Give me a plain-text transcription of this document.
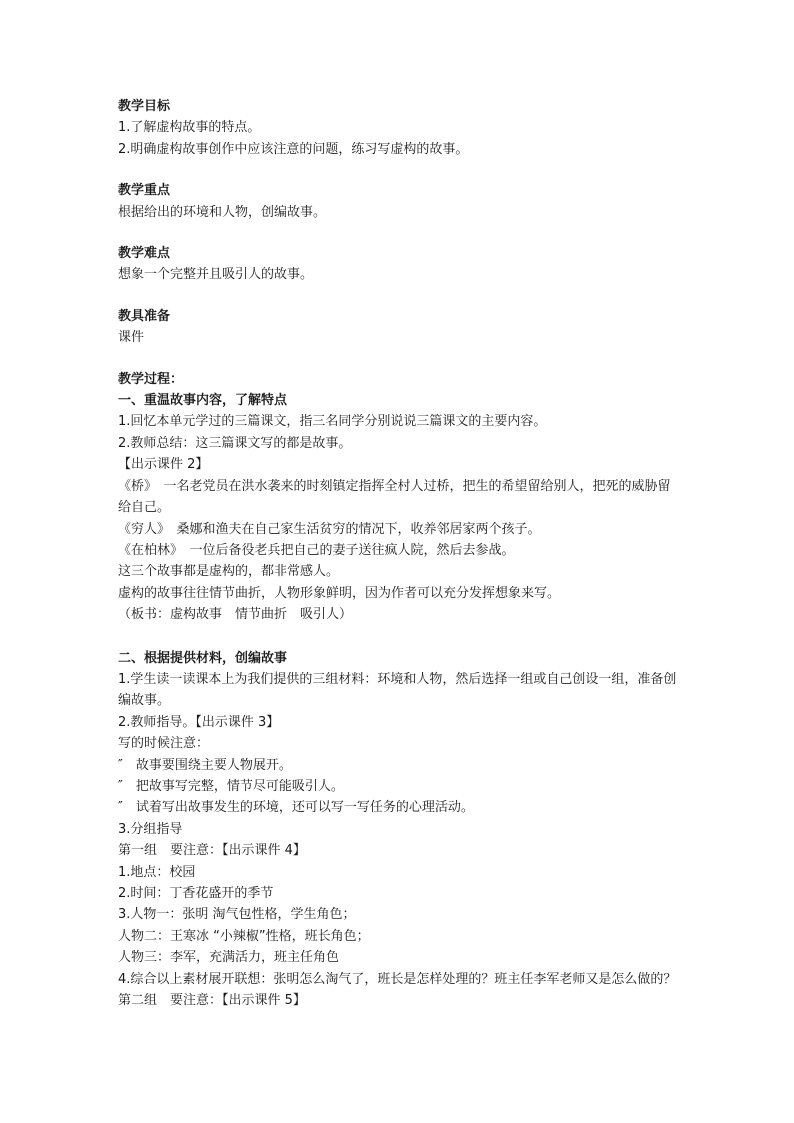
教学目标
1.了解虚构故事的特点。
2.明确虚构故事创作中应该注意的问题，练习写虚构的故事。
教学重点
根据给出的环境和人物，创编故事。
教学难点
想象一个完整并且吸引人的故事。
教具准备
课件
教学过程：
一、重温故事内容，了解特点
1.回忆本单元学过的三篇课文，指三名同学分别说说三篇课文的主要内容。
2.教师总结：这三篇课文写的都是故事。
【出示课件 2】
《桥》　一名老党员在洪水袭来的时刻镇定指挥全村人过桥，把生的希望留给别人，把死的威胁留给自己。
《穷人》　桑娜和渔夫在自己家生活贫穷的情况下，收养邻居家两个孩子。
《在柏林》　一位后备役老兵把自己的妻子送往疯人院，然后去参战。
这三个故事都是虚构的，都非常感人。
虚构的故事往往情节曲折，人物形象鲜明，因为作者可以充分发挥想象来写。
（板书：虚构故事　情节曲折　吸引人）
二、根据提供材料，创编故事
1.学生读一读课本上为我们提供的三组材料：环境和人物，然后选择一组或自己创设一组，准备创编故事。
2.教师指导。【出示课件 3】
写的时候注意：
″　故事要围绕主要人物展开。
″　把故事写完整，情节尽可能吸引人。
″　试着写出故事发生的环境，还可以写一写任务的心理活动。
3.分组指导
第一组　要注意：【出示课件 4】
1.地点：校园
2.时间：丁香花盛开的季节
3.人物一：张明 淘气包性格，学生角色；
人物二：王寒冰 “小辣椒”性格，班长角色；
人物三：李军，充满活力，班主任角色
4.综合以上素材展开联想：张明怎么淘气了，班长是怎样处理的？班主任李军老师又是怎么做的？
第二组　要注意：【出示课件 5】
